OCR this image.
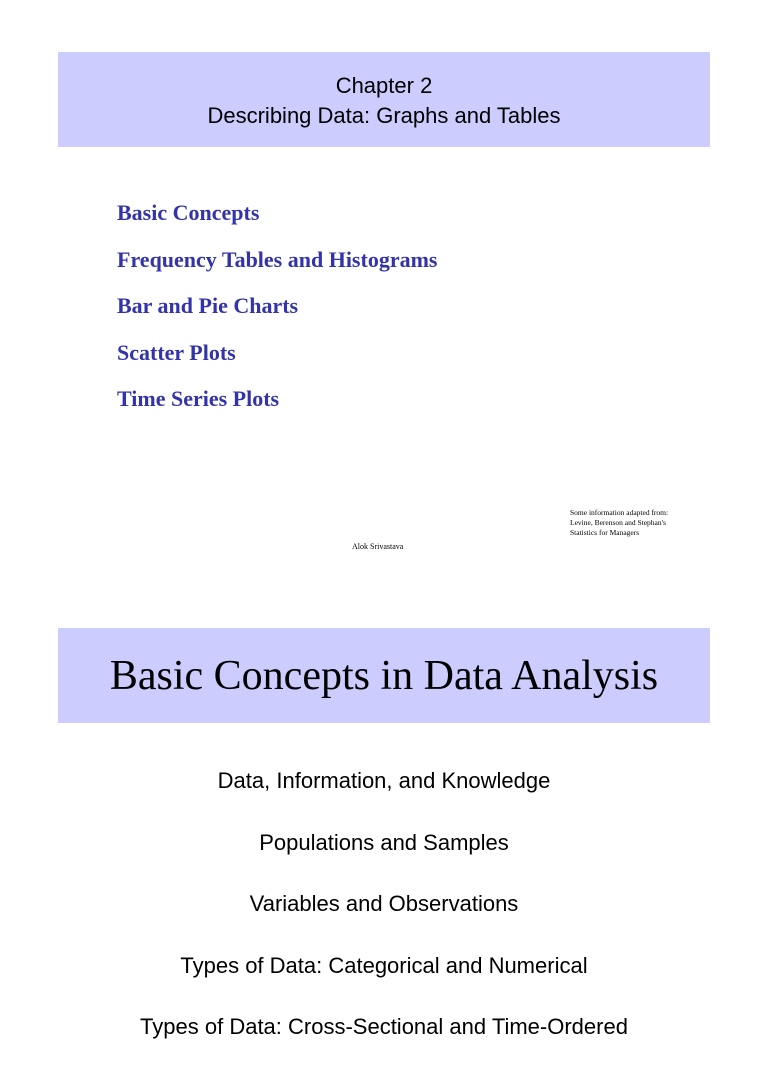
Chapter 2
Describing Data: Graphs and Tables
Basic Concepts
Frequency Tables and Histograms
Bar and Pie Charts
Scatter Plots
Time Series Plots
Some information adapted from:
Levine, Berenson and Stephan's
Statistics for Managers
Alok Srivastava
Basic Concepts in Data Analysis
Data, Information, and Knowledge
Populations and Samples
Variables and Observations
Types of Data: Categorical and Numerical
Types of Data: Cross-Sectional and Time-Ordered
